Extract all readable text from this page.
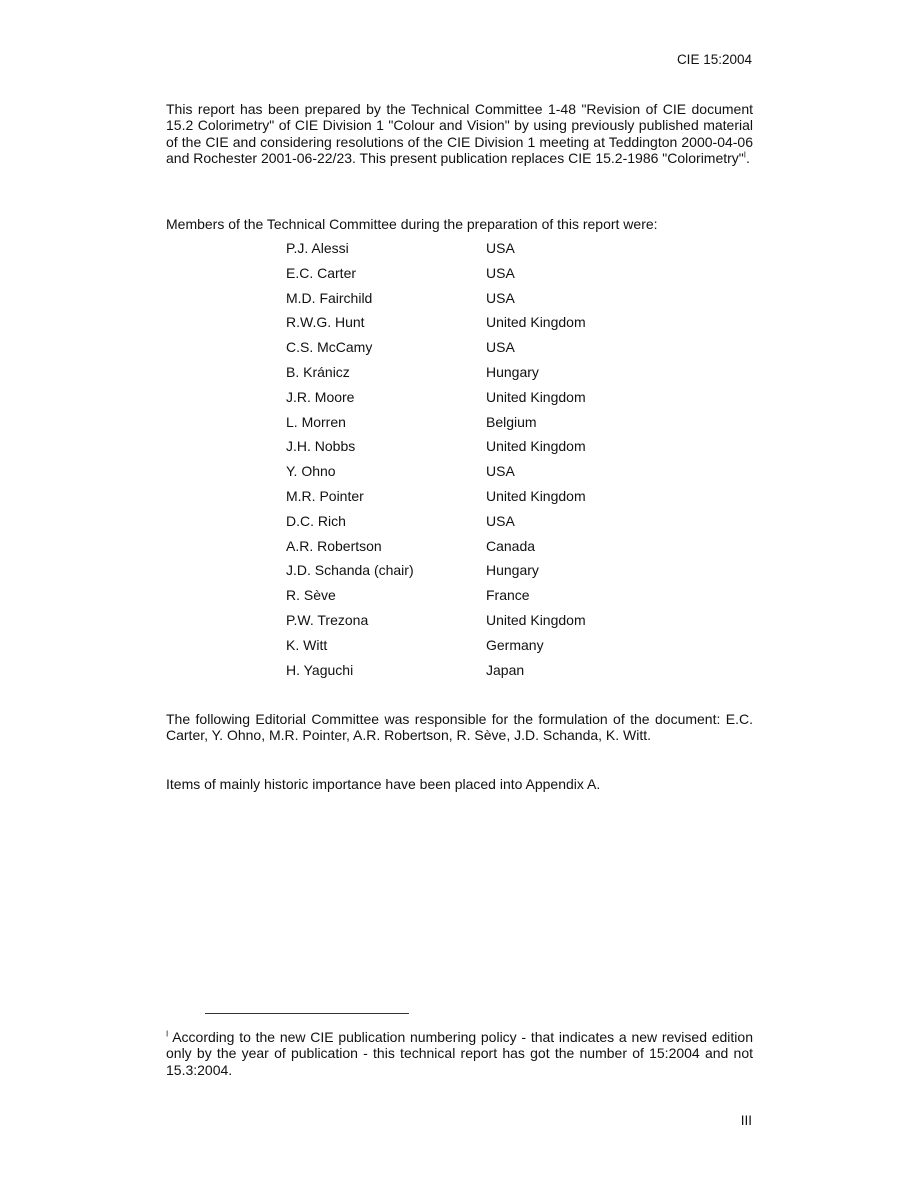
CIE 15:2004

This report has been prepared by the Technical Committee 1-48 "Revision of CIE document 15.2 Colorimetry" of CIE Division 1 "Colour and Vision" by using previously published material of the CIE and considering resolutions of the CIE Division 1 meeting at Teddington 2000-04-06 and Rochester 2001-06-22/23. This present publication replaces CIE 15.2-1986 "Colorimetry"$^I$.

Members of the Technical Committee during the preparation of this report were:

P.J. Alessi	USA
E.C. Carter	USA
M.D. Fairchild	USA
R.W.G. Hunt	United Kingdom
C.S. McCamy	USA
B. Kránicz	Hungary
J.R. Moore	United Kingdom
L. Morren	Belgium
J.H. Nobbs	United Kingdom
Y. Ohno	USA
M.R. Pointer	United Kingdom
D.C. Rich	USA
A.R. Robertson	Canada
J.D. Schanda (chair)	Hungary
R. Sève	France
P.W. Trezona	United Kingdom
K. Witt	Germany
H. Yaguchi	Japan

The following Editorial Committee was responsible for the formulation of the document: E.C. Carter, Y. Ohno, M.R. Pointer, A.R. Robertson, R. Sève, J.D. Schanda, K. Witt.

Items of mainly historic importance have been placed into Appendix A.

$^I$ According to the new CIE publication numbering policy - that indicates a new revised edition only by the year of publication - this technical report has got the number of 15:2004 and not 15.3:2004.

III
